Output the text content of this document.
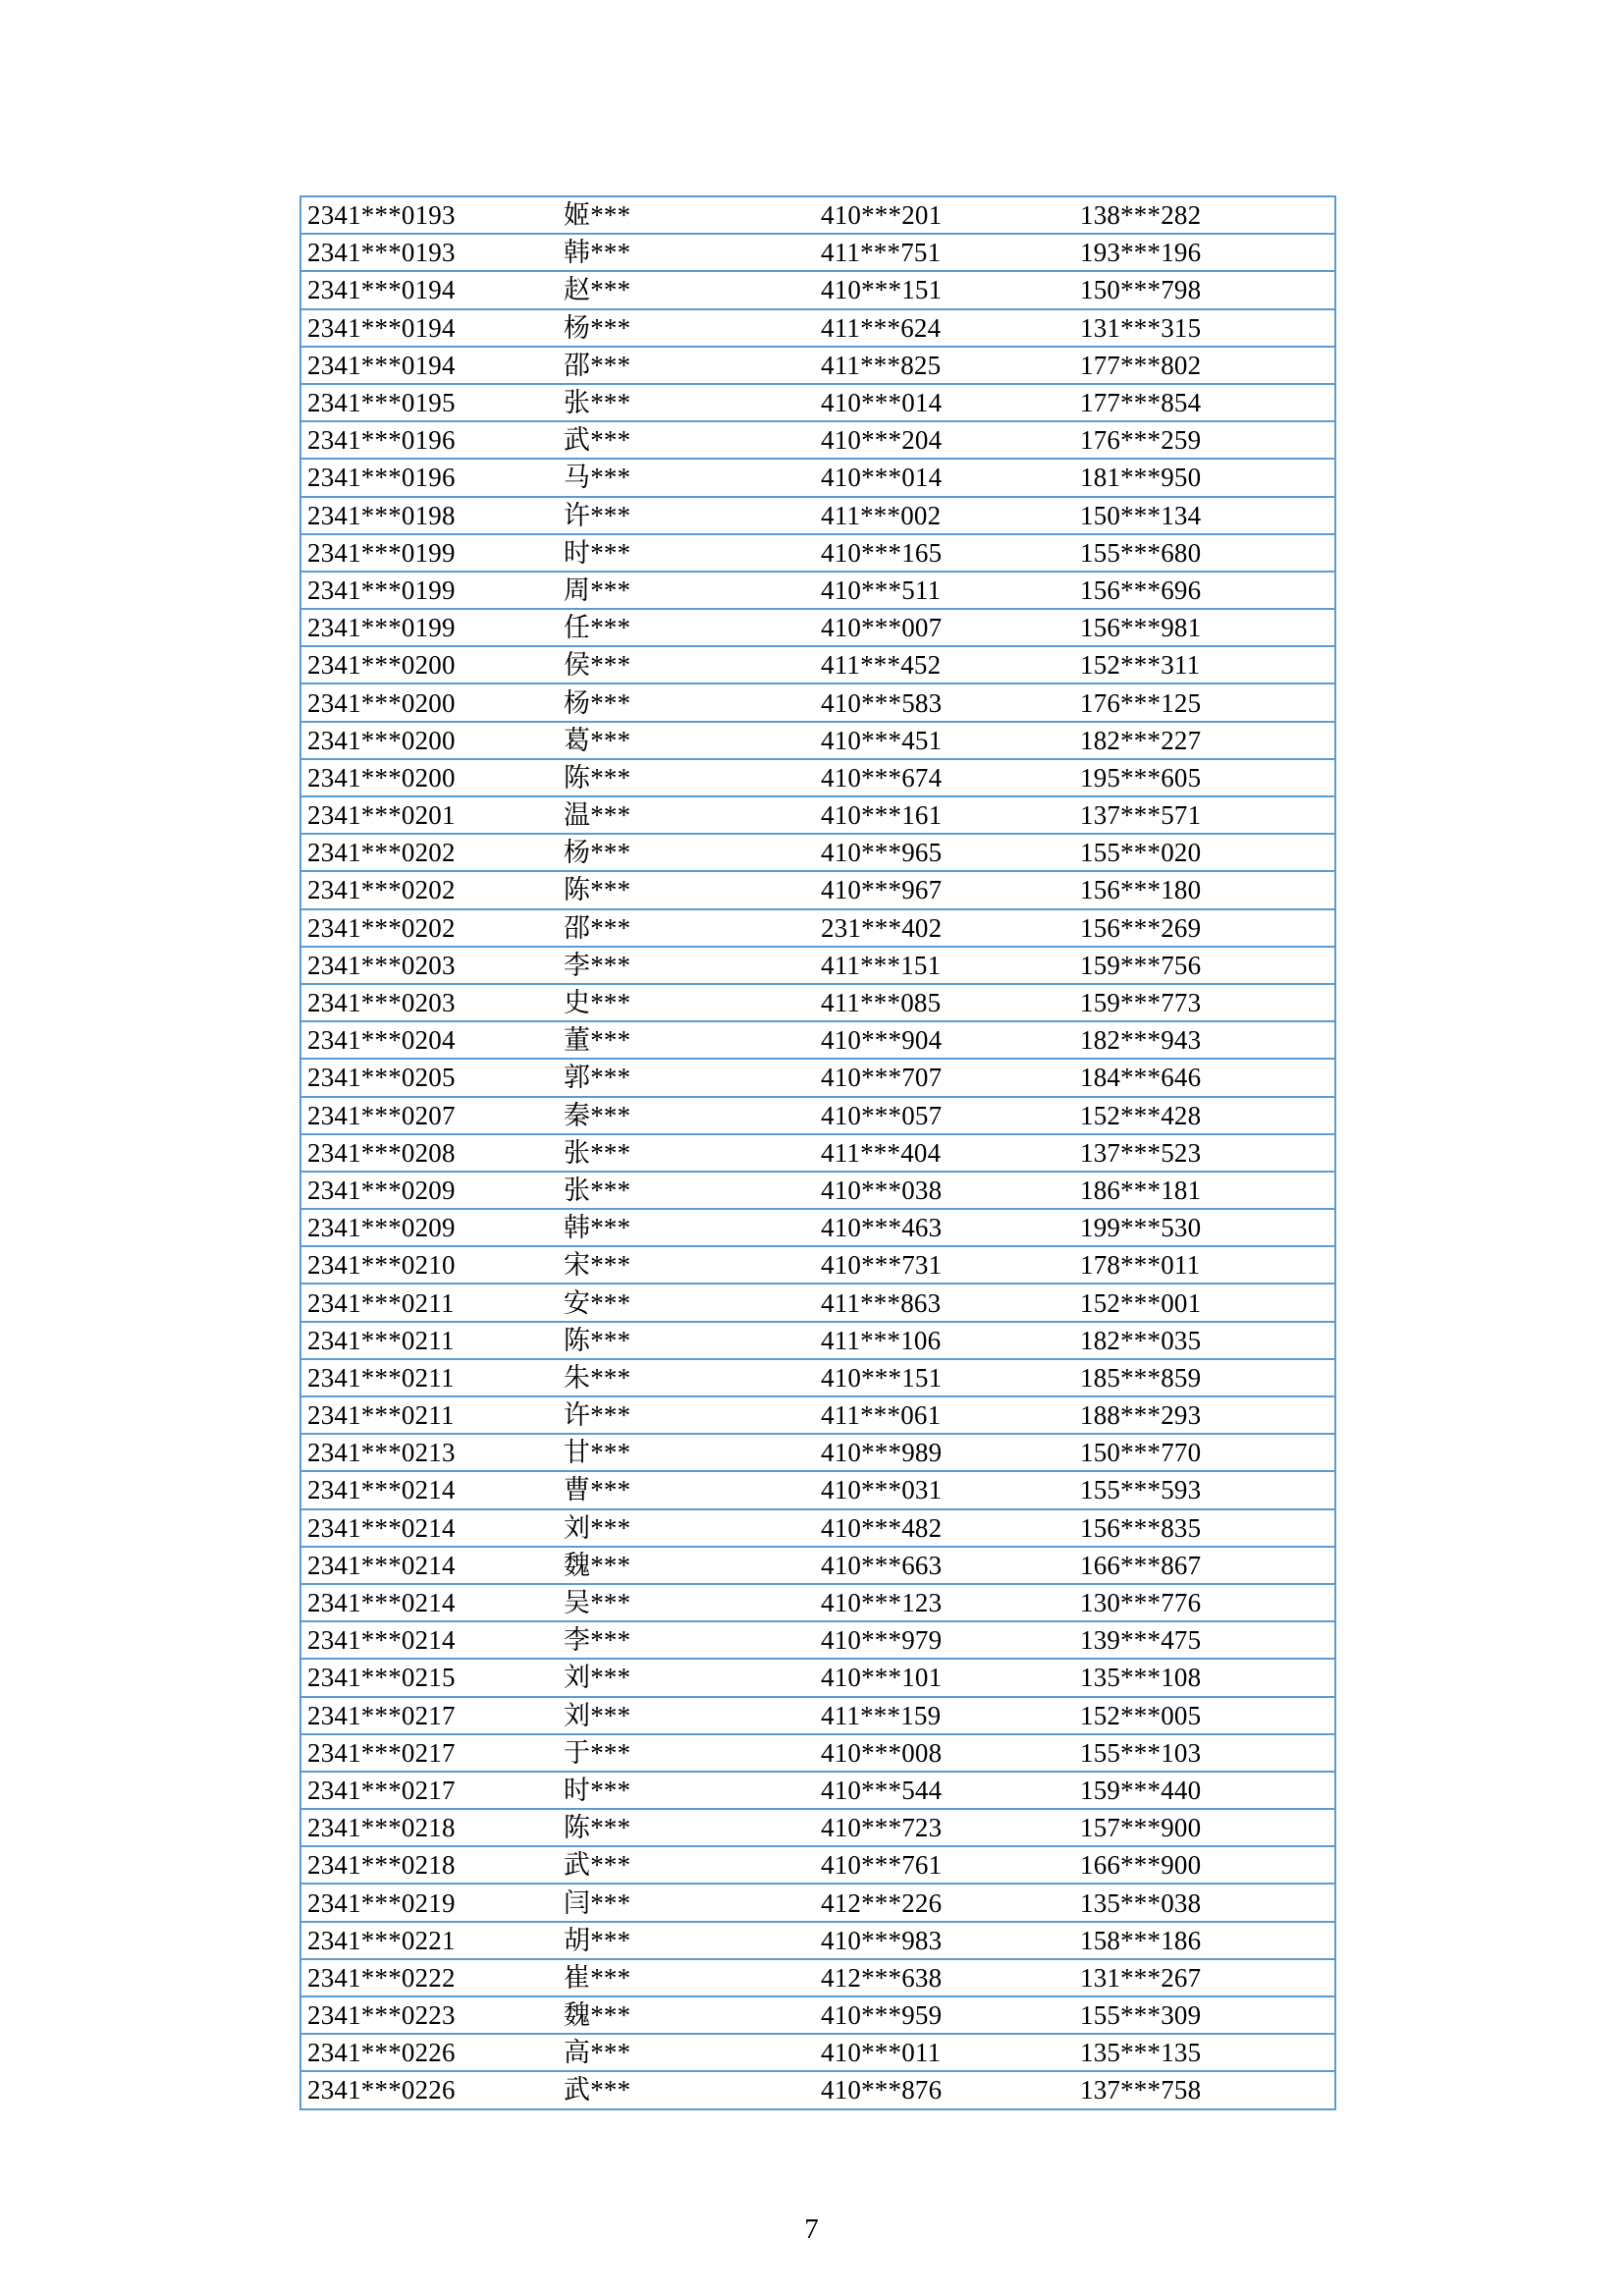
2341***0193	姬***	410***201	138***282
2341***0193	韩***	411***751	193***196
2341***0194	赵***	410***151	150***798
2341***0194	杨***	411***624	131***315
2341***0194	邵***	411***825	177***802
2341***0195	张***	410***014	177***854
2341***0196	武***	410***204	176***259
2341***0196	马***	410***014	181***950
2341***0198	许***	411***002	150***134
2341***0199	时***	410***165	155***680
2341***0199	周***	410***511	156***696
2341***0199	任***	410***007	156***981
2341***0200	侯***	411***452	152***311
2341***0200	杨***	410***583	176***125
2341***0200	葛***	410***451	182***227
2341***0200	陈***	410***674	195***605
2341***0201	温***	410***161	137***571
2341***0202	杨***	410***965	155***020
2341***0202	陈***	410***967	156***180
2341***0202	邵***	231***402	156***269
2341***0203	李***	411***151	159***756
2341***0203	史***	411***085	159***773
2341***0204	董***	410***904	182***943
2341***0205	郭***	410***707	184***646
2341***0207	秦***	410***057	152***428
2341***0208	张***	411***404	137***523
2341***0209	张***	410***038	186***181
2341***0209	韩***	410***463	199***530
2341***0210	宋***	410***731	178***011
2341***0211	安***	411***863	152***001
2341***0211	陈***	411***106	182***035
2341***0211	朱***	410***151	185***859
2341***0211	许***	411***061	188***293
2341***0213	甘***	410***989	150***770
2341***0214	曹***	410***031	155***593
2341***0214	刘***	410***482	156***835
2341***0214	魏***	410***663	166***867
2341***0214	吴***	410***123	130***776
2341***0214	李***	410***979	139***475
2341***0215	刘***	410***101	135***108
2341***0217	刘***	411***159	152***005
2341***0217	于***	410***008	155***103
2341***0217	时***	410***544	159***440
2341***0218	陈***	410***723	157***900
2341***0218	武***	410***761	166***900
2341***0219	闫***	412***226	135***038
2341***0221	胡***	410***983	158***186
2341***0222	崔***	412***638	131***267
2341***0223	魏***	410***959	155***309
2341***0226	高***	410***011	135***135
2341***0226	武***	410***876	137***758
7
